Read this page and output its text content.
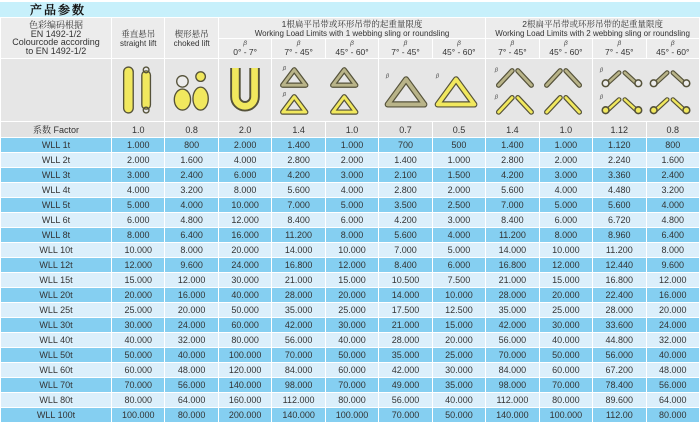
产品参数
色彩编码根据
EN 1492-1/2
Colourcode according
to EN 1492-1/2	垂直悬吊
straight lift	楔形悬吊
choked lift	1根扁平吊带或环形吊带的起重量限度
Working Load Limits with 1 webbing sling or roundsling					2根扁平吊带或环形吊带的起重量限度
Working Load Limits with 2 webbing sling or roundsling			

			β
0° - 7°	β
7° - 45°	β
45° - 60°	β
7° - 45°	β
45° - 60°	β
7° - 45°	β
45° - 60°	β
7° - 45°	β
45° - 60°

β
β		β β		β
β		β
β	

系数 Factor	1.0	0.8	2.0	1.4	1.0	0.7	0.5	1.4	1.0	1.12	0.8
WLL 1t	1.000	800	2.000	1.400	1.000	700	500	1.400	1.000	1.120	800
WLL 2t	2.000	1.600	4.000	2.800	2.000	1.400	1.000	2.800	2.000	2.240	1.600
WLL 3t	3.000	2.400	6.000	4.200	3.000	2.100	1.500	4.200	3.000	3.360	2.400
WLL 4t	4.000	3.200	8.000	5.600	4.000	2.800	2.000	5.600	4.000	4.480	3.200
WLL 5t	5.000	4.000	10.000	7.000	5.000	3.500	2.500	7.000	5.000	5.600	4.000
WLL 6t	6.000	4.800	12.000	8.400	6.000	4.200	3.000	8.400	6.000	6.720	4.800
WLL 8t	8.000	6.400	16.000	11.200	8.000	5.600	4.000	11.200	8.000	8.960	6.400
WLL 10t	10.000	8.000	20.000	14.000	10.000	7.000	5.000	14.000	10.000	11.200	8.000
WLL 12t	12.000	9.600	24.000	16.800	12.000	8.400	6.000	16.800	12.000	12.440	9.600
WLL 15t	15.000	12.000	30.000	21.000	15.000	10.500	7.500	21.000	15.000	16.800	12.000
WLL 20t	20.000	16.000	40.000	28.000	20.000	14.000	10.000	28.000	20.000	22.400	16.000
WLL 25t	25.000	20.000	50.000	35.000	25.000	17.500	12.500	35.000	25.000	28.000	20.000
WLL 30t	30.000	24.000	60.000	42.000	30.000	21.000	15.000	42.000	30.000	33.600	24.000
WLL 40t	40.000	32.000	80.000	56.000	40.000	28.000	20.000	56.000	40.000	44.800	32.000
WLL 50t	50.000	40.000	100.000	70.000	50.000	35.000	25.000	70.000	50.000	56.000	40.000
WLL 60t	60.000	48.000	120.000	84.000	60.000	42.000	30.000	84.000	60.000	67.200	48.000
WLL 70t	70.000	56.000	140.000	98.000	70.000	49.000	35.000	98.000	70.000	78.400	56.000
WLL 80t	80.000	64.000	160.000	112.000	80.000	56.000	40.000	112.000	80.000	89.600	64.000
WLL 100t	100.000	80.000	200.000	140.000	100.000	70.000	50.000	140.000	100.000	112.00	80.000
